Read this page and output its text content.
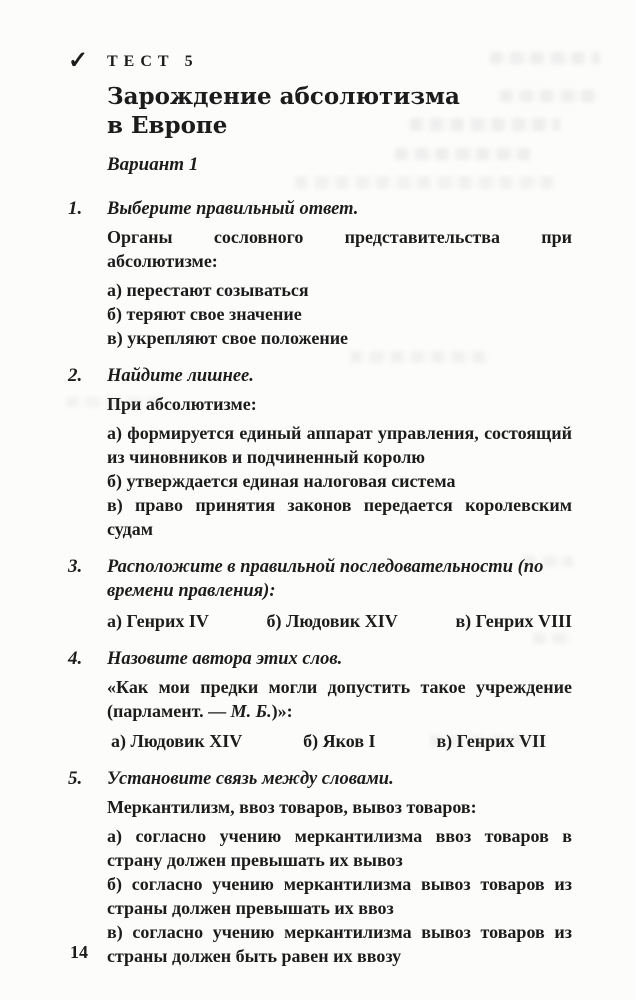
✓	ТЕСТ 5
Зарождение абсолютизма
в Европе
Вариант 1
1.	Выберите правильный ответ.

Органы сословного представительства при абсолютизме:

а) перестают созываться

б) теряют свое значение

в) укрепляют свое положение

2.	Найдите лишнее.

При абсолютизме:

а) формируется единый аппарат управления, состоящий из чиновников и подчиненный королю

б) утверждается единая налоговая система

в) право принятия законов передается королевским судам

3.	Расположите в правильной последовательности (по времени правления):

а) Генрих IV	б) Людовик XIV	в) Генрих VIII
4.	Назовите автора этих слов.

«Как мои предки могли допустить такое учреждение (парламент. — М. Б.)»:

а) Людовик XIV	б) Яков I	в) Генрих VII
5.	Установите связь между словами.

Меркантилизм, ввоз товаров, вывоз товаров:

а) согласно учению меркантилизма ввоз товаров в страну должен превышать их вывоз

б) согласно учению меркантилизма вывоз товаров из страны должен превышать их ввоз

в) согласно учению меркантилизма вывоз товаров из страны должен быть равен их ввозу

14
